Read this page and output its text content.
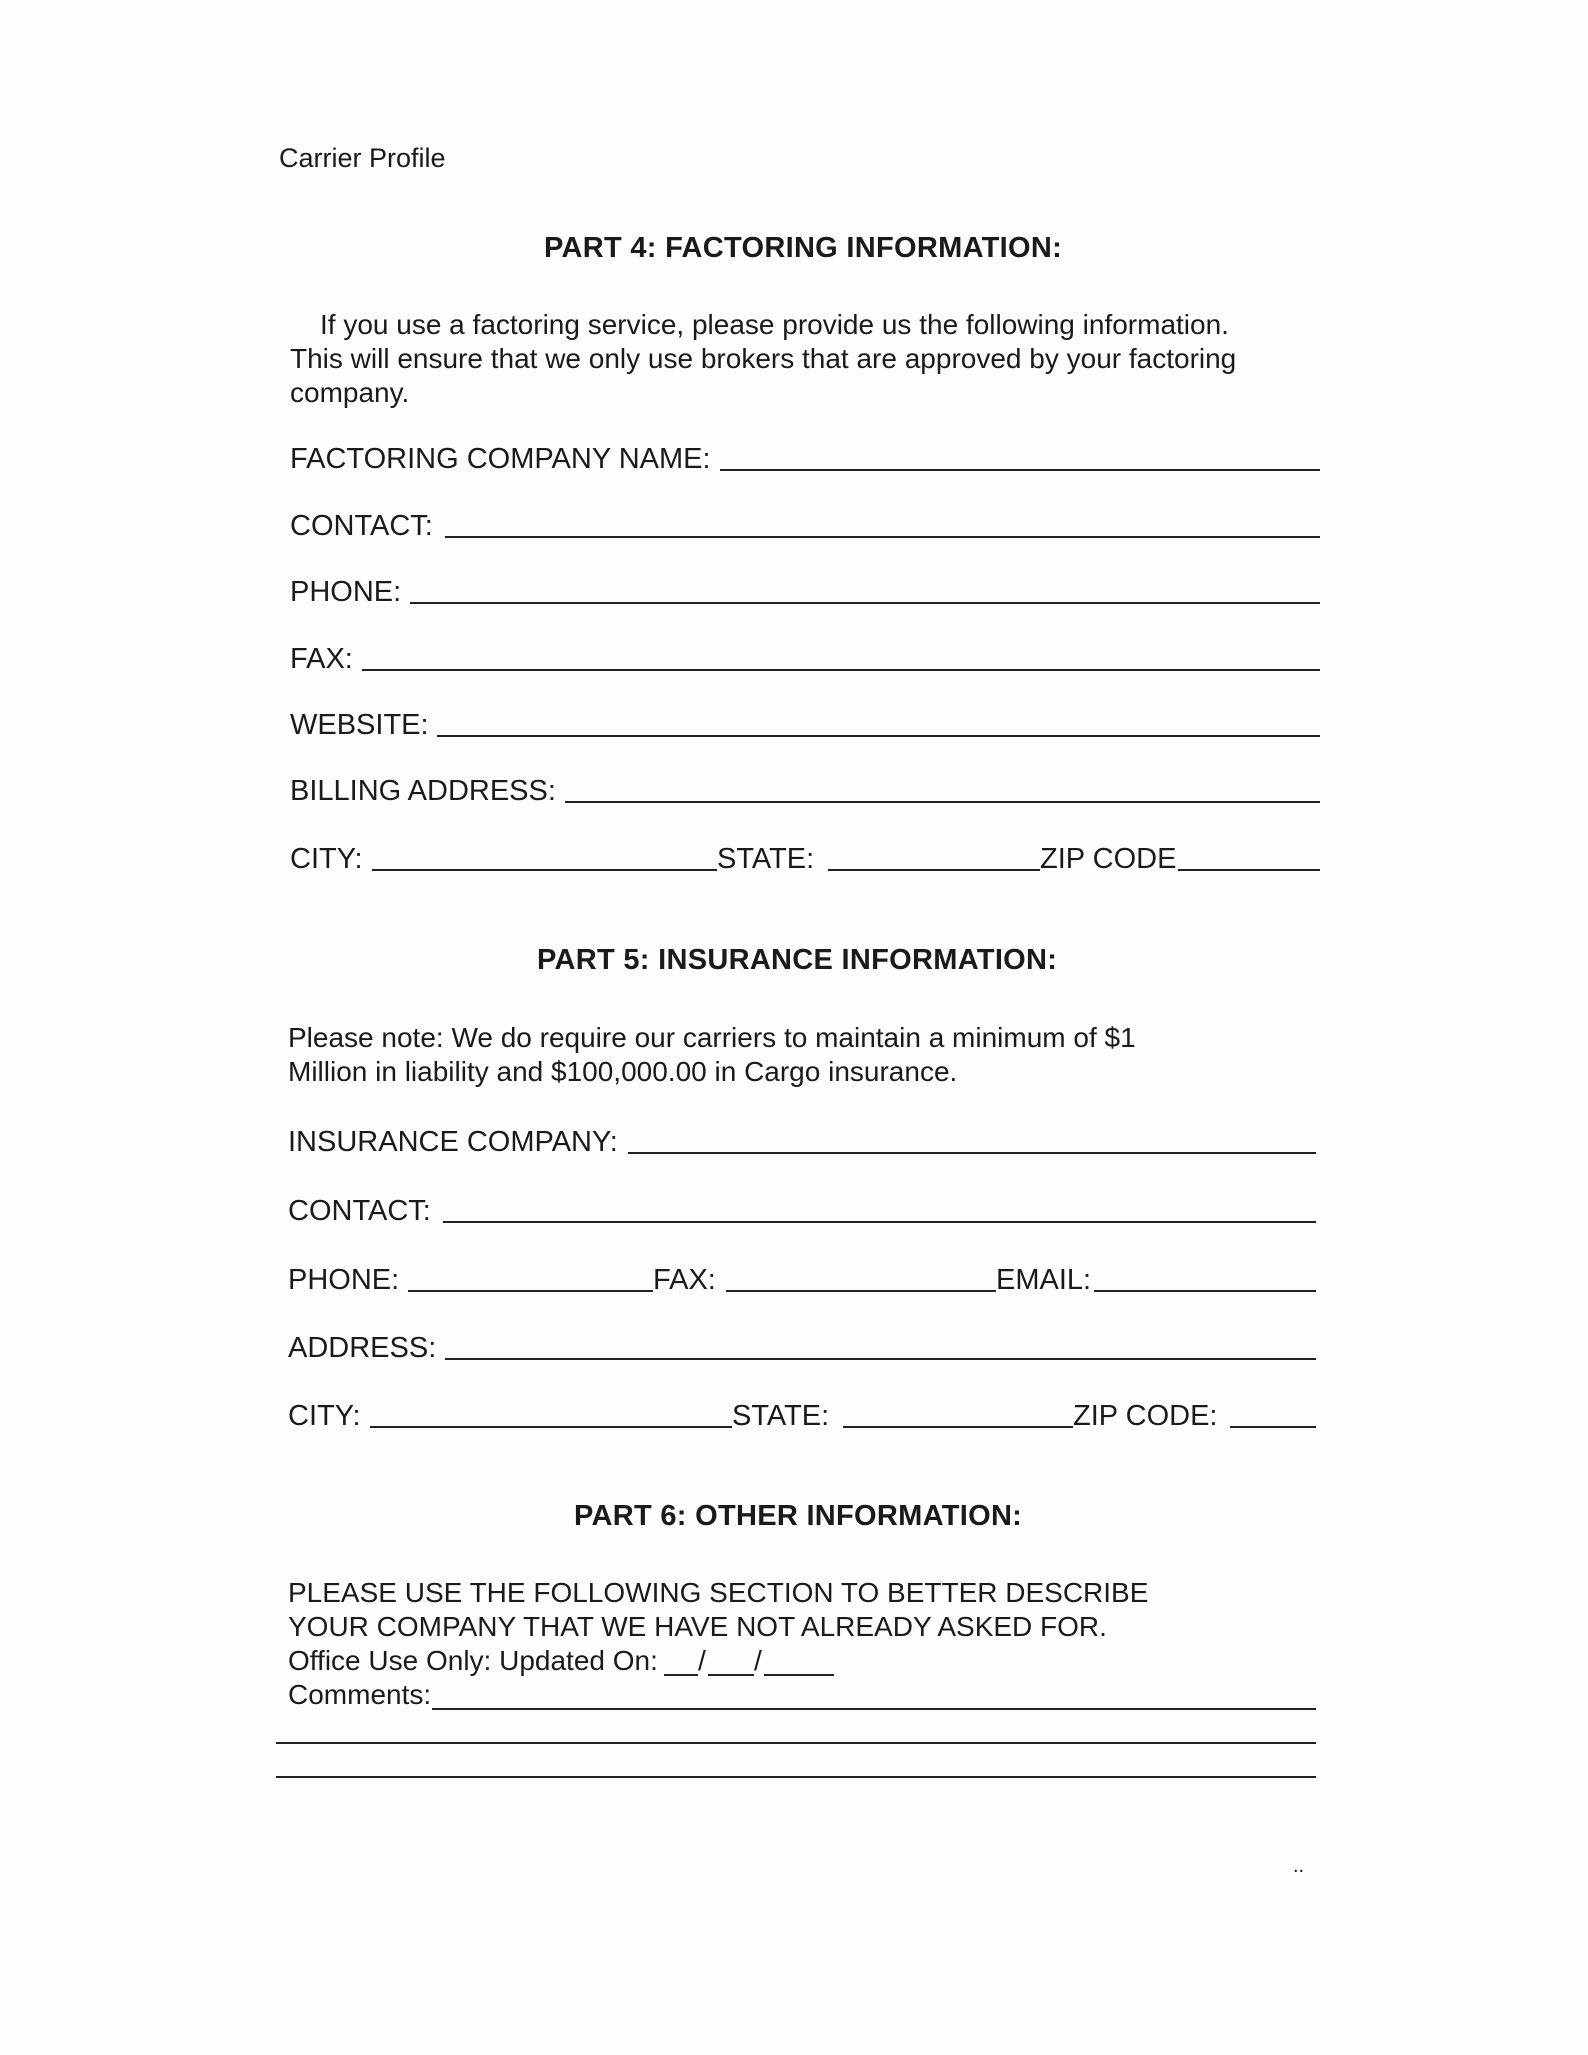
Carrier Profile
PART 4: FACTORING INFORMATION:
If you use a factoring service, please provide us the following information.
This will ensure that we only use brokers that are approved by your factoring
company.
FACTORING COMPANY NAME:
CONTACT:
PHONE:
FAX:
WEBSITE:
BILLING ADDRESS:
CITY:	STATE:	ZIP CODE
PART 5: INSURANCE INFORMATION:
Please note: We do require our carriers to maintain a minimum of $1
Million in liability and $100,000.00 in Cargo insurance.
INSURANCE COMPANY:
CONTACT:
PHONE:	FAX:	EMAIL:
ADDRESS:
CITY:	STATE:	ZIP CODE:
PART 6: OTHER INFORMATION:
PLEASE USE THE FOLLOWING SECTION TO BETTER DESCRIBE
YOUR COMPANY THAT WE HAVE NOT ALREADY ASKED FOR.
Office Use Only: Updated On: / /
Comments:
..
